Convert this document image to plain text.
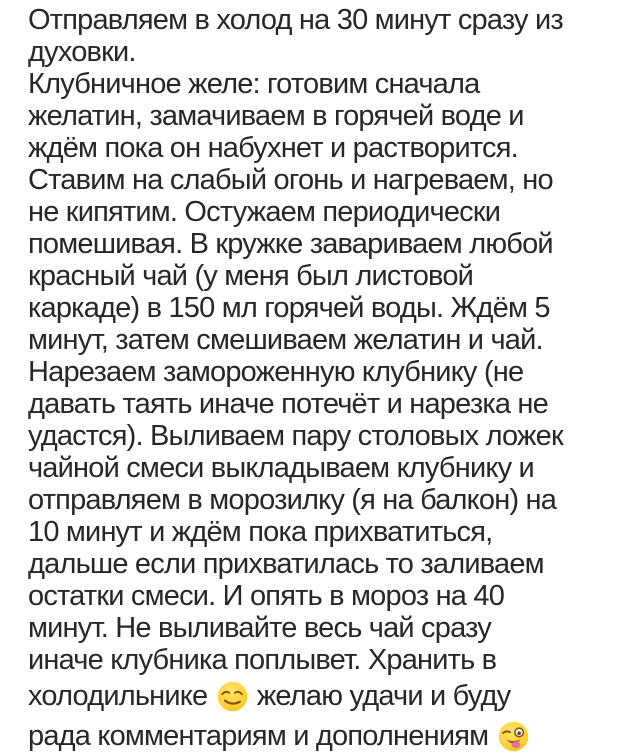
Отправляем в холод на 30 минут сразу из
духовки.
Клубничное желе: готовим сначала
желатин, замачиваем в горячей воде и
ждём пока он набухнет и растворится.
Ставим на слабый огонь и нагреваем, но
не кипятим. Остужаем периодически
помешивая. В кружке завариваем любой
красный чай (у меня был листовой
каркаде) в 150 мл горячей воды. Ждём 5
минут, затем смешиваем желатин и чай.
Нарезаем замороженную клубнику (не
давать таять иначе потечёт и нарезка не
удастся). Выливаем пару столовых ложек
чайной смеси выкладываем клубнику и
отправляем в морозилку (я на балкон) на
10 минут и ждём пока прихватиться,
дальше если прихватилась то заливаем
остатки смеси. И опять в мороз на 40
минут. Не выливайте весь чай сразу
иначе клубника поплывет. Хранить в
холодильнике
желаю удачи и буду
рада комментариям и дополнениям
